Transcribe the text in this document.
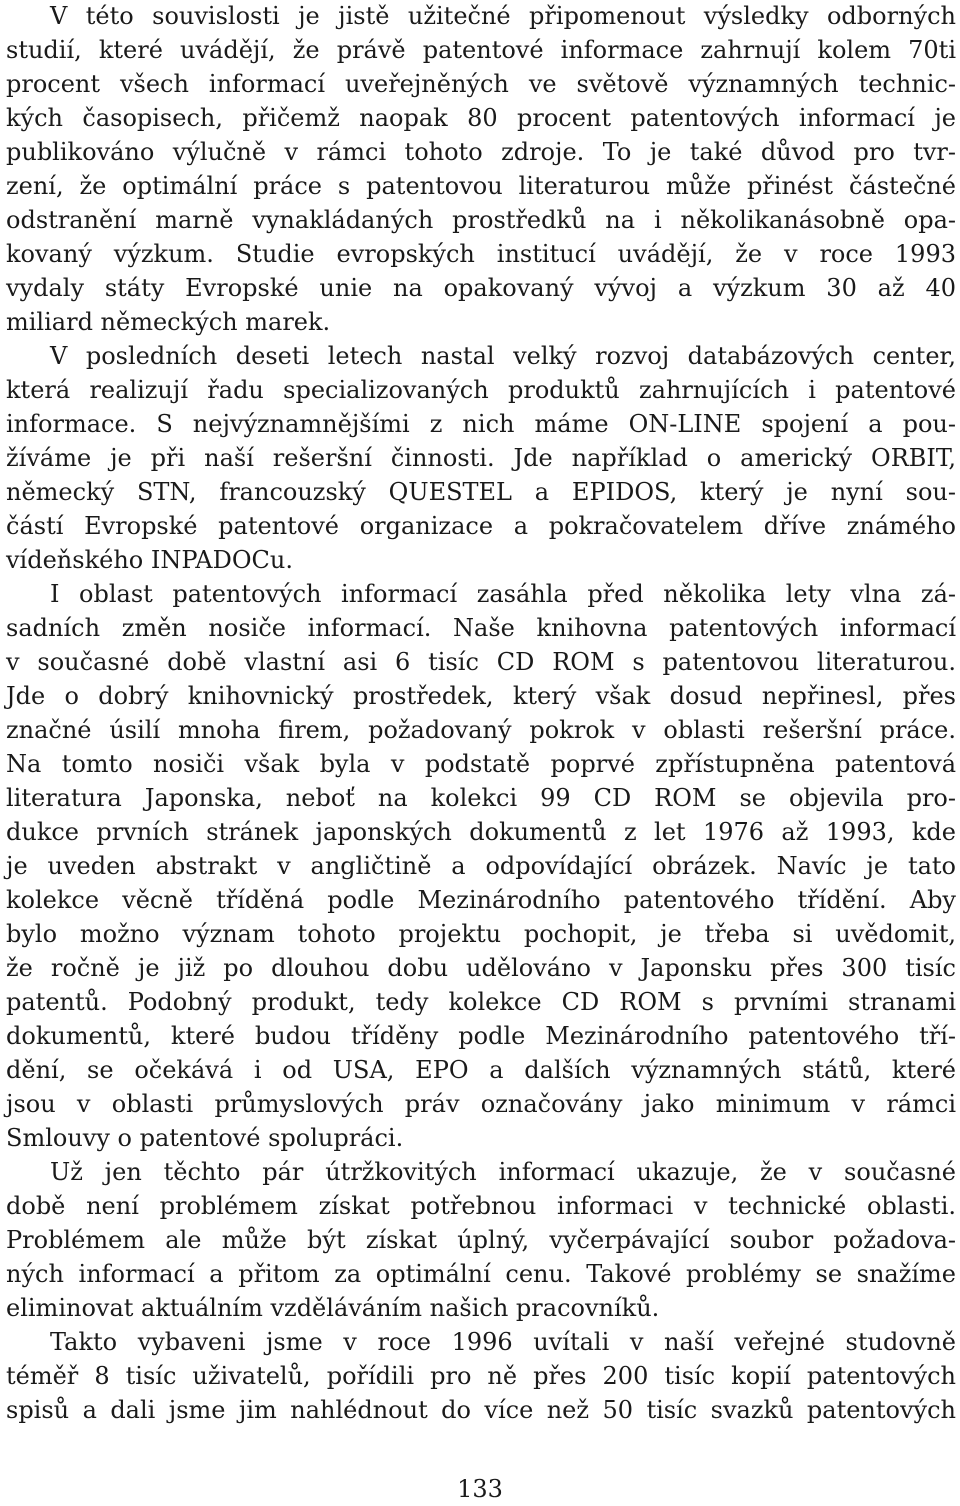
V této souvislosti je jistě užitečné připomenout výsledky odborných
studií, které uvádějí, že právě patentové informace zahrnují kolem 70ti
procent všech informací uveřejněných ve světově významných technic-
kých časopisech, přičemž naopak 80 procent patentových informací je
publikováno výlučně v rámci tohoto zdroje. To je také důvod pro tvr-
zení, že optimální práce s patentovou literaturou může přinést částečné
odstranění marně vynakládaných prostředků na i několikanásobně opa-
kovaný výzkum. Studie evropských institucí uvádějí, že v roce 1993
vydaly státy Evropské unie na opakovaný vývoj a výzkum 30 až 40
miliard německých marek.
V posledních deseti letech nastal velký rozvoj databázových center,
která realizují řadu specializovaných produktů zahrnujících i patentové
informace. S nejvýznamnějšími z nich máme ON-LINE spojení a pou-
žíváme je při naší rešeršní činnosti. Jde například o americký ORBIT,
německý STN, francouzský QUESTEL a EPIDOS, který je nyní sou-
částí Evropské patentové organizace a pokračovatelem dříve známého
vídeňského INPADOCu.
I oblast patentových informací zasáhla před několika lety vlna zá-
sadních změn nosiče informací. Naše knihovna patentových informací
v současné době vlastní asi 6 tisíc CD ROM s patentovou literaturou.
Jde o dobrý knihovnický prostředek, který však dosud nepřinesl, přes
značné úsilí mnoha firem, požadovaný pokrok v oblasti rešeršní práce.
Na tomto nosiči však byla v podstatě poprvé zpřístupněna patentová
literatura Japonska, neboť na kolekci 99 CD ROM se objevila pro-
dukce prvních stránek japonských dokumentů z let 1976 až 1993, kde
je uveden abstrakt v angličtině a odpovídající obrázek. Navíc je tato
kolekce věcně tříděná podle Mezinárodního patentového třídění. Aby
bylo možno význam tohoto projektu pochopit, je třeba si uvědomit,
že ročně je již po dlouhou dobu udělováno v Japonsku přes 300 tisíc
patentů. Podobný produkt, tedy kolekce CD ROM s prvními stranami
dokumentů, které budou tříděny podle Mezinárodního patentového tří-
dění, se očekává i od USA, EPO a dalších významných států, které
jsou v oblasti průmyslových práv označovány jako minimum v rámci
Smlouvy o patentové spolupráci.
Už jen těchto pár útržkovitých informací ukazuje, že v současné
době není problémem získat potřebnou informaci v technické oblasti.
Problémem ale může být získat úplný, vyčerpávající soubor požadova-
ných informací a přitom za optimální cenu. Takové problémy se snažíme
eliminovat aktuálním vzděláváním našich pracovníků.
Takto vybaveni jsme v roce 1996 uvítali v naší veřejné studovně
téměř 8 tisíc uživatelů, pořídili pro ně přes 200 tisíc kopií patentových
spisů a dali jsme jim nahlédnout do více než 50 tisíc svazků patentových
133
